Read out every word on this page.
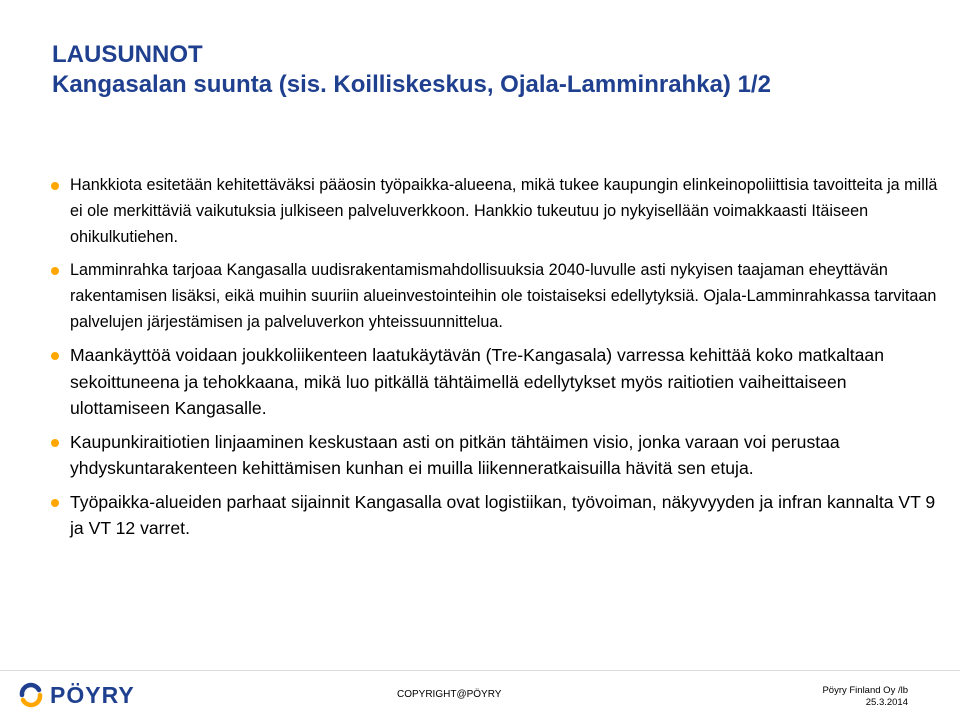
LAUSUNNOT
Kangasalan suunta (sis. Koilliskeskus, Ojala-Lamminrahka) 1/2
Hankkiota esitetään kehitettäväksi pääosin työpaikka-alueena, mikä tukee kaupungin elinkeinopoliittisia tavoitteita ja millä ei ole merkittäviä vaikutuksia julkiseen palveluverkkoon. Hankkio tukeutuu jo nykyisellään voimakkaasti Itäiseen ohikulkutiehen.
Lamminrahka tarjoaa Kangasalla uudisrakentamismahdollisuuksia 2040-luvulle asti nykyisen taajaman eheyttävän rakentamisen lisäksi, eikä muihin suuriin alueinvestointeihin ole toistaiseksi edellytyksiä. Ojala-Lamminrahkassa tarvitaan palvelujen järjestämisen ja palveluverkon yhteissuunnittelua.
Maankäyttöä voidaan joukkoliikenteen laatukäytävän (Tre-Kangasala) varressa kehittää koko matkaltaan sekoittuneena ja tehokkaana, mikä luo pitkällä tähtäimellä edellytykset myös raitiotien vaiheittaiseen ulottamiseen Kangasalle.
Kaupunkiraitiotien linjaaminen keskustaan asti on pitkän tähtäimen visio, jonka varaan voi perustaa yhdyskuntarakenteen kehittämisen kunhan ei muilla liikenneratkaisuilla hävitä sen etuja.
Työpaikka-alueiden parhaat sijainnit Kangasalla ovat logistiikan, työvoiman, näkyvyyden ja infran kannalta VT 9 ja VT 12 varret.
PÖYRY	COPYRIGHT@PÖYRY	Pöyry Finland Oy /lb
25.3.2014
